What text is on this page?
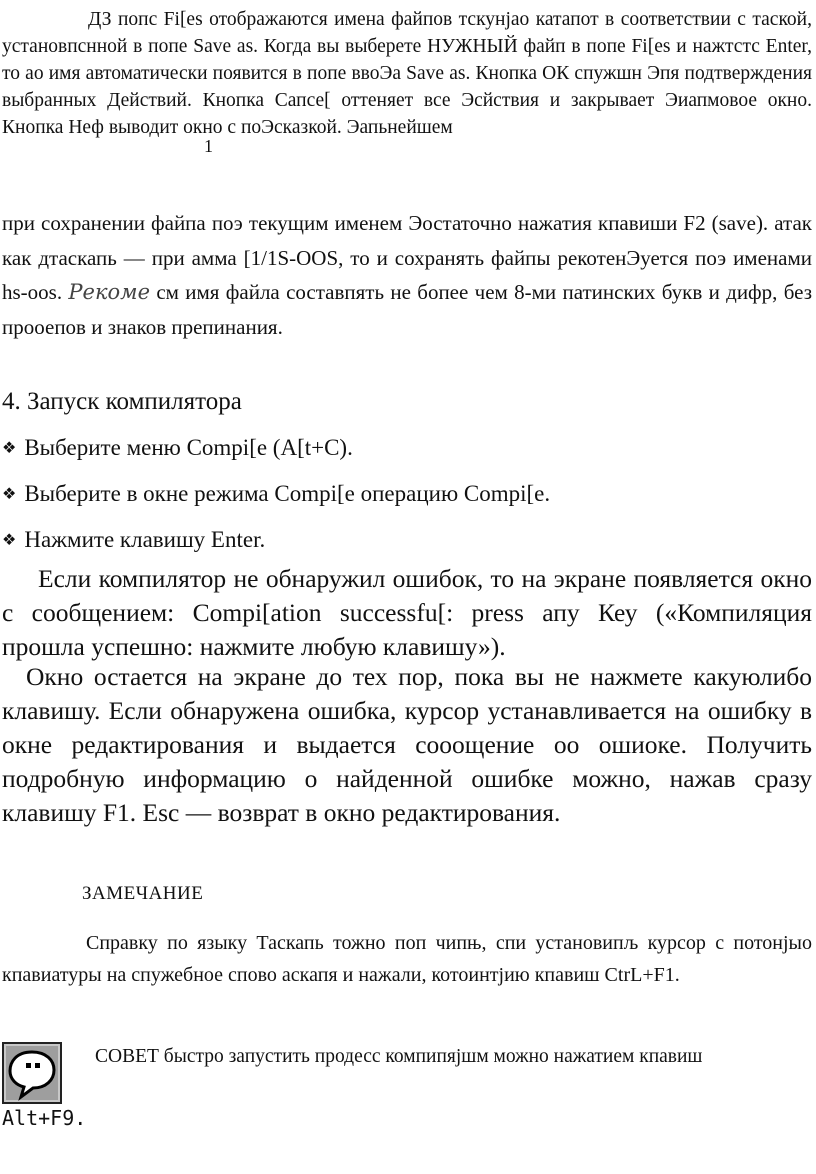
ДЗ попс Fi[es отображаются имена файпов тскунјао катапот в соответствии с таской, установпснной в попе Save as. Когда вы выберете НУЖНЫЙ файп в попе Fi[es и нажтстс Enter, то ао имя автоматически появится в попе ввоЭа Save as. Кнопка ОК спужшн Эпя подтверждения выбранных Действий. Кнопка Сапсе[ оттеняет все Эсйствия и закрывает Эиапмовое окно. Кнопка Неф выводит окно с поЭсказкой. Эапьнейшем

1

при сохранении файпа поэ текущим именем Эостаточно нажатия кпавиши F2 (save). атак как дтаскапь — при амма [1/1S-OOS, то и сохранять файпы рекотенЭуется поэ именами hs-oos. Рекоме см имя файла составпять не бопее чем 8-ми патинских букв и дифр, без прооепов и знаков препинания.

4. Запуск компилятора
❖ Выберите меню Compi[e (A[t+C).
❖ Выберите в окне режима Compi[e операцию Compi[e.
❖ Нажмите клавишу Enter.

Если компилятор не обнаружил ошибок, то на экране появляется окно с сообщением: Compi[ation successfu[: press апу Кеу («Компиляция прошла успешно: нажмите любую клавишу»).

Окно остается на экране до тех пор, пока вы не нажмете какуюлибо клавишу. Если обнаружена ошибка, курсор устанавливается на ошибку в окне редактирования и выдается сооощение оо ошиоке. Получить подробную информацию о найденной ошибке можно, нажав сразу клавишу F1. Esc — возврат в окно редактирования.

ЗАМЕЧАНИЕ

Справку по языку Таскапь тожно поп чипњ, спи установипљ курсор с потонјыо кпавиатуры на спужебное спово аскапя и нажали, котоинтјию кпавиш CtrL+F1.

СОВЕТ быстро запустить продесс компипяјшм можно нажатием кпавиш

Alt+F9.
